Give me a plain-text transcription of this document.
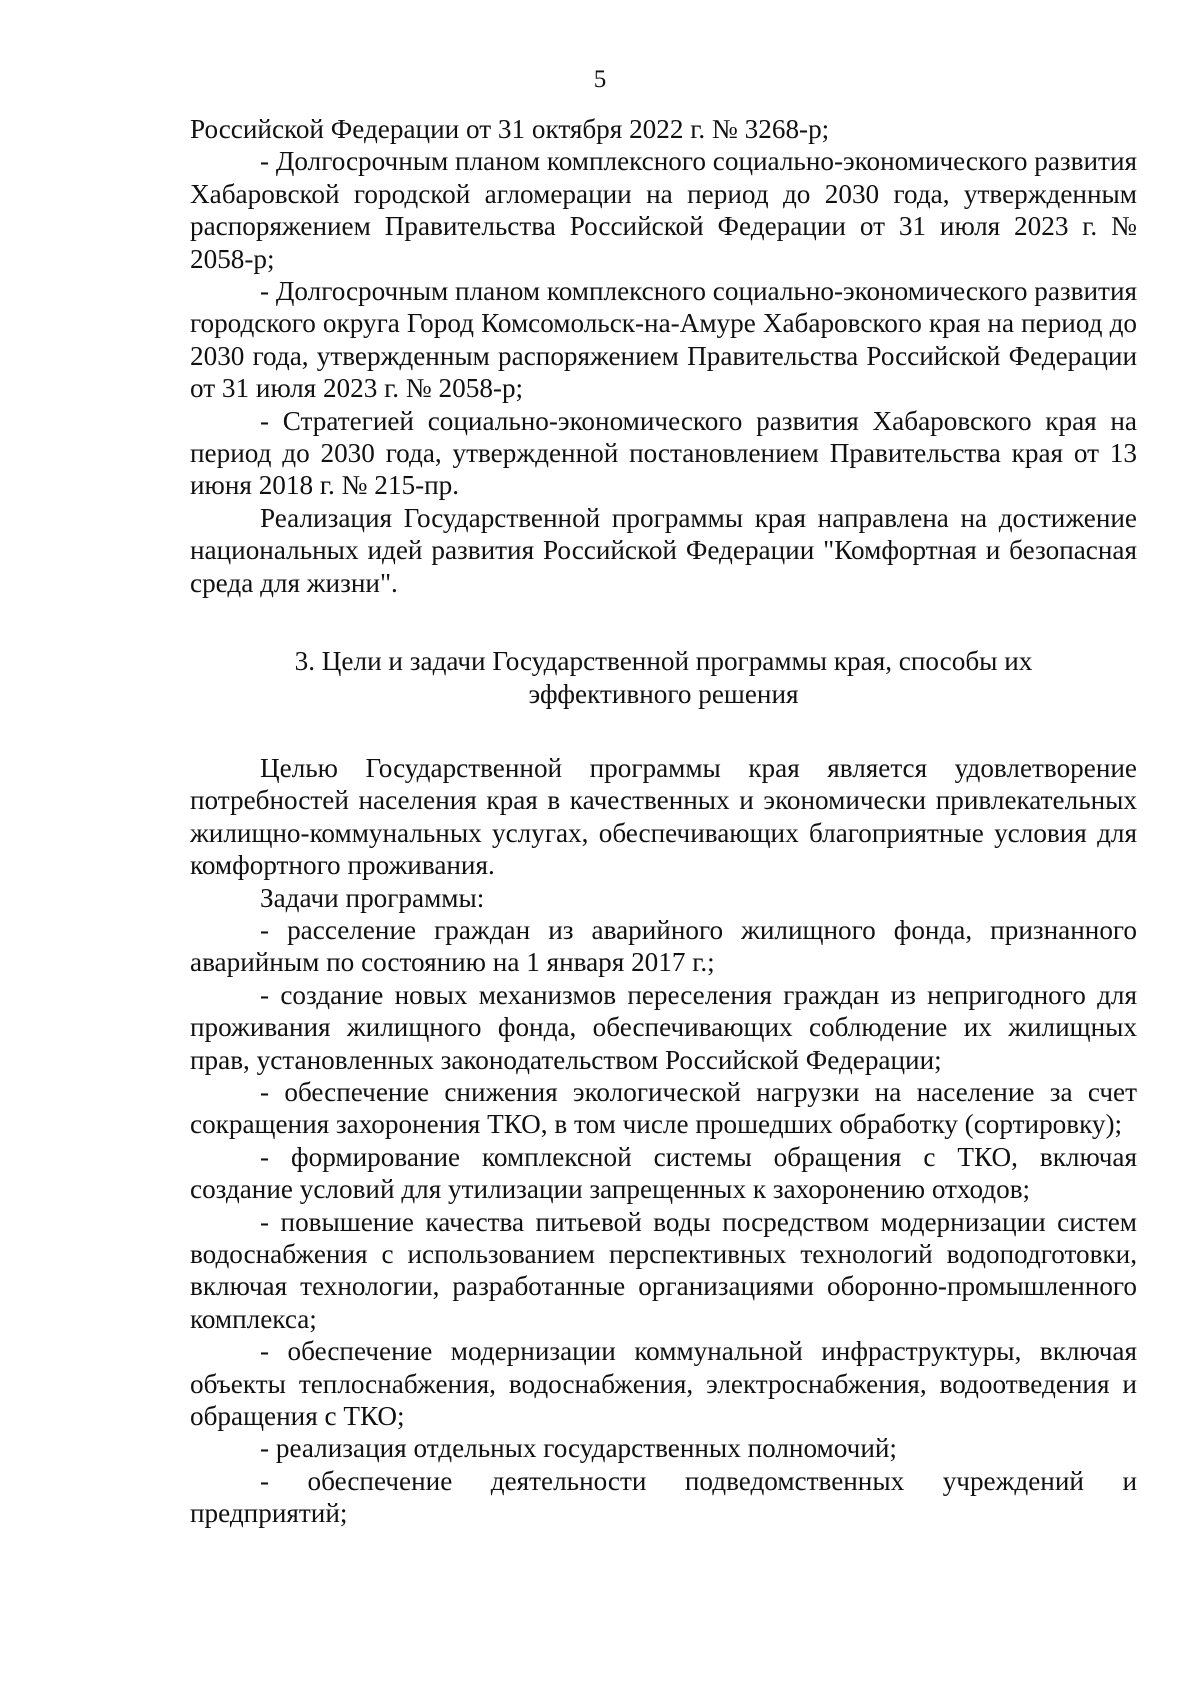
5

Российской Федерации от 31 октября 2022 г. № 3268-р;

- Долгосрочным планом комплексного социально-экономического развития Хабаровской городской агломерации на период до 2030 года, утвержденным распоряжением Правительства Российской Федерации от 31 июля 2023 г. № 2058-р;

- Долгосрочным планом комплексного социально-экономического развития городского округа Город Комсомольск-на-Амуре Хабаровского края на период до 2030 года, утвержденным распоряжением Правительства Российской Федерации от 31 июля 2023 г. № 2058-р;

- Стратегией социально-экономического развития Хабаровского края на период до 2030 года, утвержденной постановлением Правительства края от 13 июня 2018 г. № 215-пр.

Реализация Государственной программы края направлена на достижение национальных идей развития Российской Федерации "Комфортная и безопасная среда для жизни".

3. Цели и задачи Государственной программы края, способы их
эффективного решения

Целью Государственной программы края является удовлетворение потребностей населения края в качественных и экономически привлекательных жилищно-коммунальных услугах, обеспечивающих благоприятные условия для комфортного проживания.

Задачи программы:

- расселение граждан из аварийного жилищного фонда, признанного аварийным по состоянию на 1 января 2017 г.;

- создание новых механизмов переселения граждан из непригодного для проживания жилищного фонда, обеспечивающих соблюдение их жилищных прав, установленных законодательством Российской Федерации;

- обеспечение снижения экологической нагрузки на население за счет сокращения захоронения ТКО, в том числе прошедших обработку (сортировку);

- формирование комплексной системы обращения с ТКО, включая создание условий для утилизации запрещенных к захоронению отходов;

- повышение качества питьевой воды посредством модернизации систем водоснабжения с использованием перспективных технологий водоподготовки, включая технологии, разработанные организациями оборонно-промышленного комплекса;

- обеспечение модернизации коммунальной инфраструктуры, включая объекты теплоснабжения, водоснабжения, электроснабжения, водоотведения и обращения с ТКО;

- реализация отдельных государственных полномочий;

- обеспечение деятельности подведомственных учреждений и предприятий;
